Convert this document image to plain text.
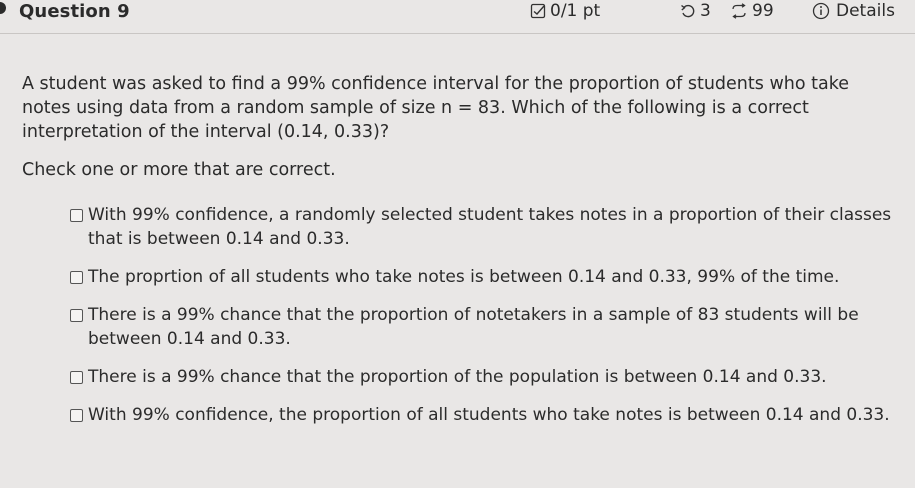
Question 9	0/1 pt	3 99	Details

A student was asked to find a 99% confidence interval for the proportion of students who take notes using data from a random sample of size n = 83. Which of the following is a correct interpretation of the interval (0.14, 0.33)?

Check one or more that are correct.

With 99% confidence, a randomly selected student takes notes in a proportion of their classes that is between 0.14 and 0.33.
The proprtion of all students who take notes is between 0.14 and 0.33, 99% of the time.
There is a 99% chance that the proportion of notetakers in a sample of 83 students will be between 0.14 and 0.33.
There is a 99% chance that the proportion of the population is between 0.14 and 0.33.
With 99% confidence, the proportion of all students who take notes is between 0.14 and 0.33.
